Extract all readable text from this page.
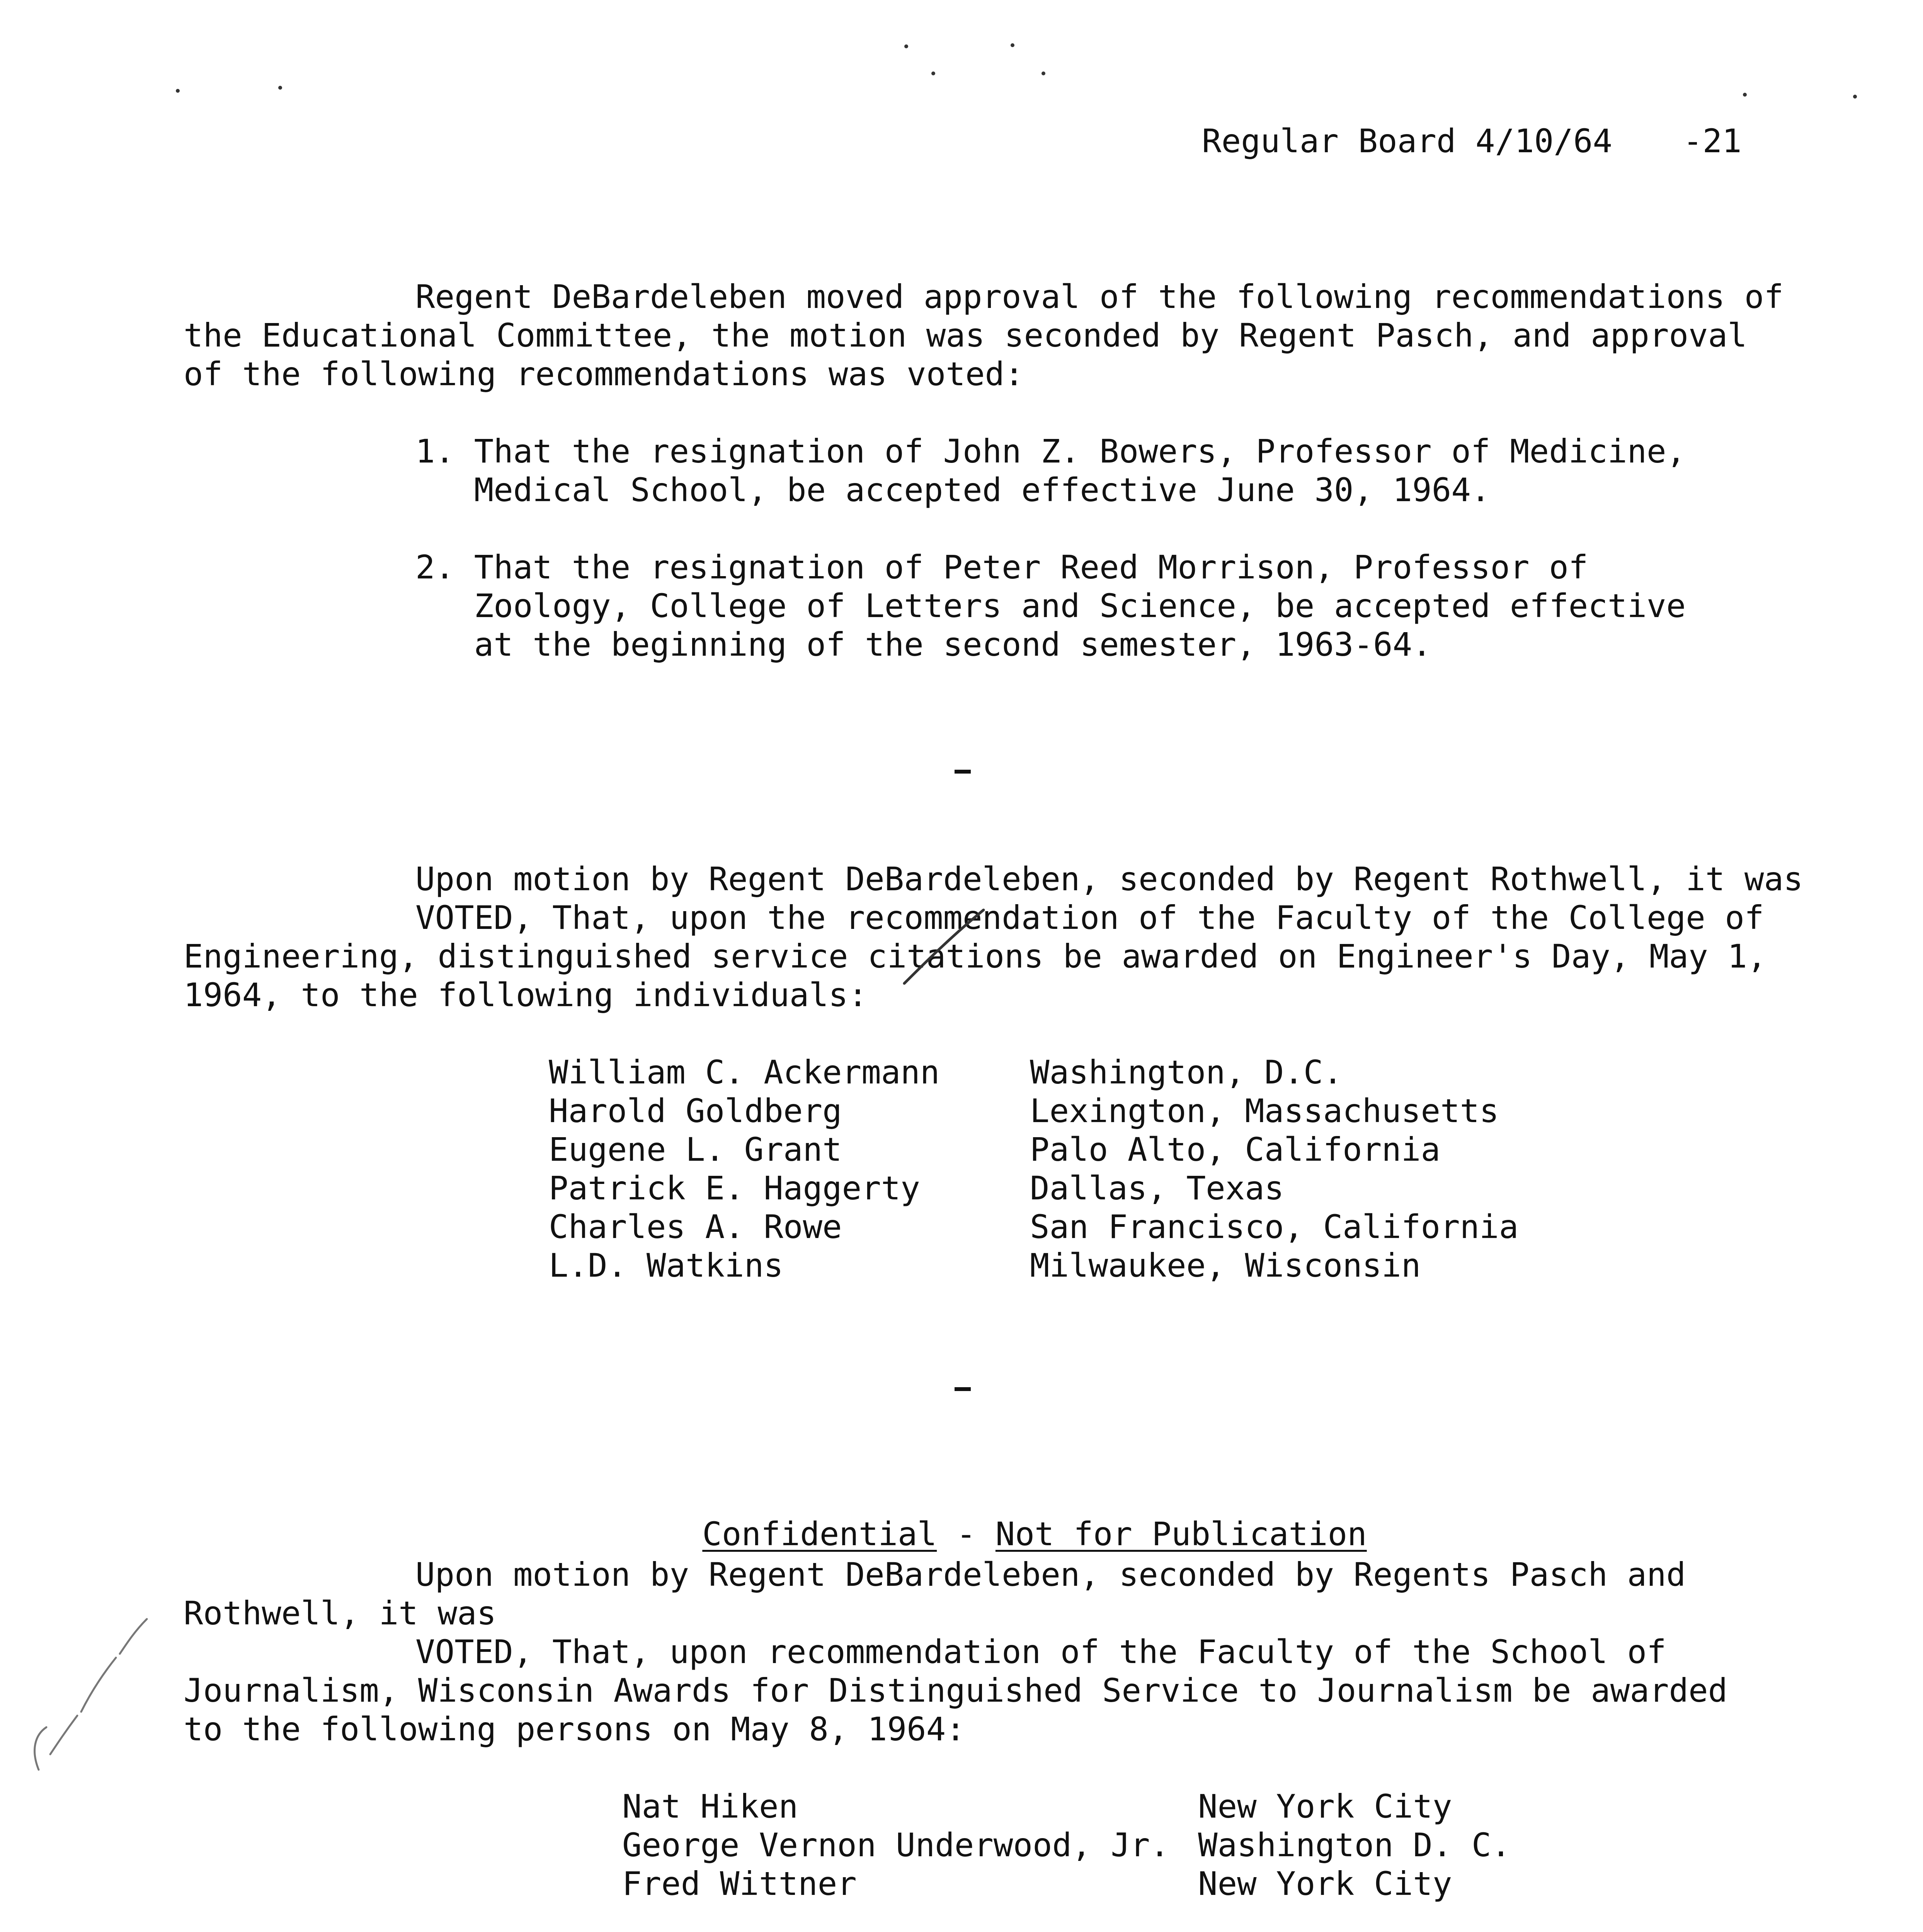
Regular Board 4/10/64 -21
Regent DeBardeleben moved approval of the following recommendations of
the Educational Committee, the motion was seconded by Regent Pasch, and approval
of the following recommendations was voted:
1. That the resignation of John Z. Bowers, Professor of Medicine,
Medical School, be accepted effective June 30, 1964.
2. That the resignation of Peter Reed Morrison, Professor of
Zoology, College of Letters and Science, be accepted effective
at the beginning of the second semester, 1963-64.
Upon motion by Regent DeBardeleben, seconded by Regent Rothwell, it was
VOTED, That, upon the recommendation of the Faculty of the College of
Engineering, distinguished service citations be awarded on Engineer's Day, May 1,
1964, to the following individuals:
William C. Ackermann	Washington, D.C.
Harold Goldberg	Lexington, Massachusetts
Eugene L. Grant	Palo Alto, California
Patrick E. Haggerty	Dallas, Texas
Charles A. Rowe	San Francisco, California
L.D. Watkins	Milwaukee, Wisconsin

Confidential - Not for Publication

Upon motion by Regent DeBardeleben, seconded by Regents Pasch and
Rothwell, it was
VOTED, That, upon recommendation of the Faculty of the School of
Journalism, Wisconsin Awards for Distinguished Service to Journalism be awarded
to the following persons on May 8, 1964:
Nat Hiken	New York City
George Vernon Underwood, Jr. Washington D. C.
Fred Wittner	New York City
